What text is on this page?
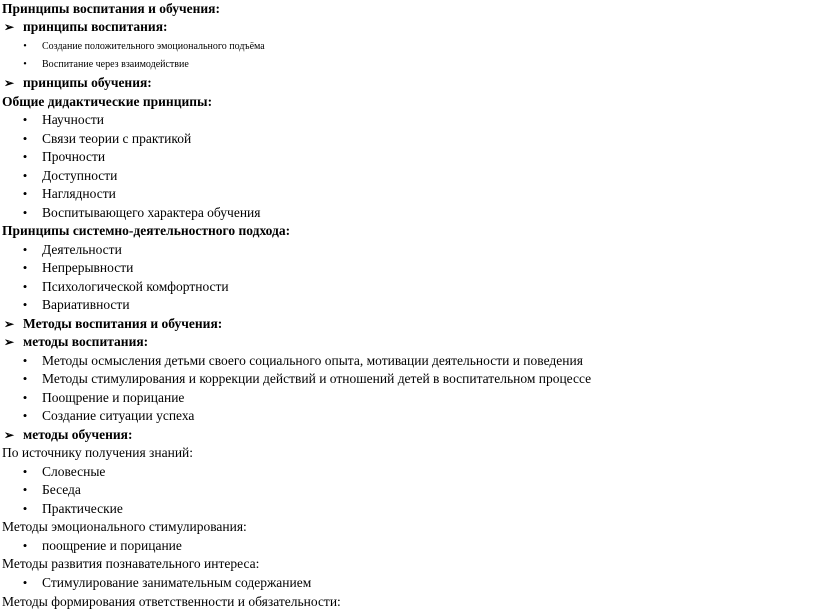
Принципы воспитания и обучения:
➢ принципы воспитания:
•	Создание положительного эмоционального подъёма
•	Воспитание через взаимодействие
➢ принципы обучения:
Общие дидактические принципы:
•	Научности
•	Связи теории с практикой
•	Прочности
•	Доступности
•	Наглядности
•	Воспитывающего характера обучения
Принципы системно-деятельностного подхода:
•	Деятельности
•	Непрерывности
•	Психологической комфортности
•	Вариативности
➢ Методы воспитания и обучения:
➢ методы воспитания:
•	Методы осмысления детьми своего социального опыта, мотивации деятельности и поведения
•	Методы стимулирования и коррекции действий и отношений детей в воспитательном процессе
•	Поощрение и порицание
•	Создание ситуации успеха
➢ методы обучения:
По источнику получения знаний:
•	Словесные
•	Беседа
•	Практические
Методы эмоционального стимулирования:
•	поощрение и порицание
Методы развития познавательного интереса:
•	Стимулирование занимательным содержанием
Методы формирования ответственности и обязательности:
